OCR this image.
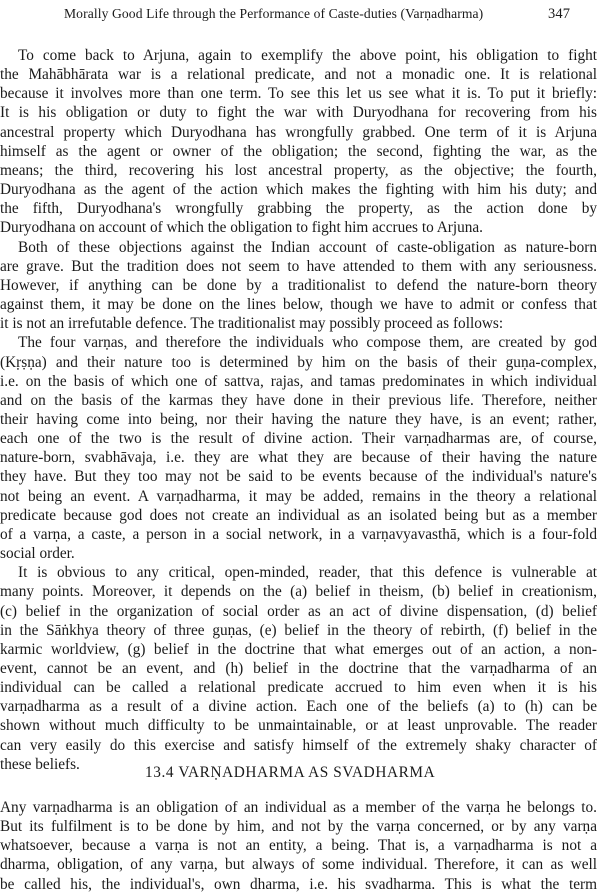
Morally Good Life through the Performance of Caste-duties (Varṇadharma)	347
To come back to Arjuna, again to exemplify the above point, his obligation to fight
the Mahābhārata war is a relational predicate, and not a monadic one. It is relational
because it involves more than one term. To see this let us see what it is. To put it briefly:
It is his obligation or duty to fight the war with Duryodhana for recovering from his
ancestral property which Duryodhana has wrongfully grabbed. One term of it is Arjuna
himself as the agent or owner of the obligation; the second, fighting the war, as the
means; the third, recovering his lost ancestral property, as the objective; the fourth,
Duryodhana as the agent of the action which makes the fighting with him his duty; and
the fifth, Duryodhana's wrongfully grabbing the property, as the action done by
Duryodhana on account of which the obligation to fight him accrues to Arjuna.
Both of these objections against the Indian account of caste-obligation as nature-born
are grave. But the tradition does not seem to have attended to them with any seriousness.
However, if anything can be done by a traditionalist to defend the nature-born theory
against them, it may be done on the lines below, though we have to admit or confess that
it is not an irrefutable defence. The traditionalist may possibly proceed as follows:
The four varṇas, and therefore the individuals who compose them, are created by god
(Kṛṣṇa) and their nature too is determined by him on the basis of their guṇa-complex,
i.e. on the basis of which one of sattva, rajas, and tamas predominates in which individual
and on the basis of the karmas they have done in their previous life. Therefore, neither
their having come into being, nor their having the nature they have, is an event; rather,
each one of the two is the result of divine action. Their varṇadharmas are, of course,
nature-born, svabhāvaja, i.e. they are what they are because of their having the nature
they have. But they too may not be said to be events because of the individual's nature's
not being an event. A varṇadharma, it may be added, remains in the theory a relational
predicate because god does not create an individual as an isolated being but as a member
of a varṇa, a caste, a person in a social network, in a varṇavyavasthā, which is a four-fold
social order.
It is obvious to any critical, open-minded, reader, that this defence is vulnerable at
many points. Moreover, it depends on the (a) belief in theism, (b) belief in creationism,
(c) belief in the organization of social order as an act of divine dispensation, (d) belief
in the Sāṅkhya theory of three guṇas, (e) belief in the theory of rebirth, (f) belief in the
karmic worldview, (g) belief in the doctrine that what emerges out of an action, a non-
event, cannot be an event, and (h) belief in the doctrine that the varṇadharma of an
individual can be called a relational predicate accrued to him even when it is his
varṇadharma as a result of a divine action. Each one of the beliefs (a) to (h) can be
shown without much difficulty to be unmaintainable, or at least unprovable. The reader
can very easily do this exercise and satisfy himself of the extremely shaky character of
these beliefs.	13.4 VARṆADHARMA AS SVADHARMA
Any varṇadharma is an obligation of an individual as a member of the varṇa he belongs to.
But its fulfilment is to be done by him, and not by the varṇa concerned, or by any varṇa
whatsoever, because a varṇa is not an entity, a being. That is, a varṇadharma is not a
dharma, obligation, of any varṇa, but always of some individual. Therefore, it can as well
be called his, the individual's, own dharma, i.e. his svadharma. This is what the term
